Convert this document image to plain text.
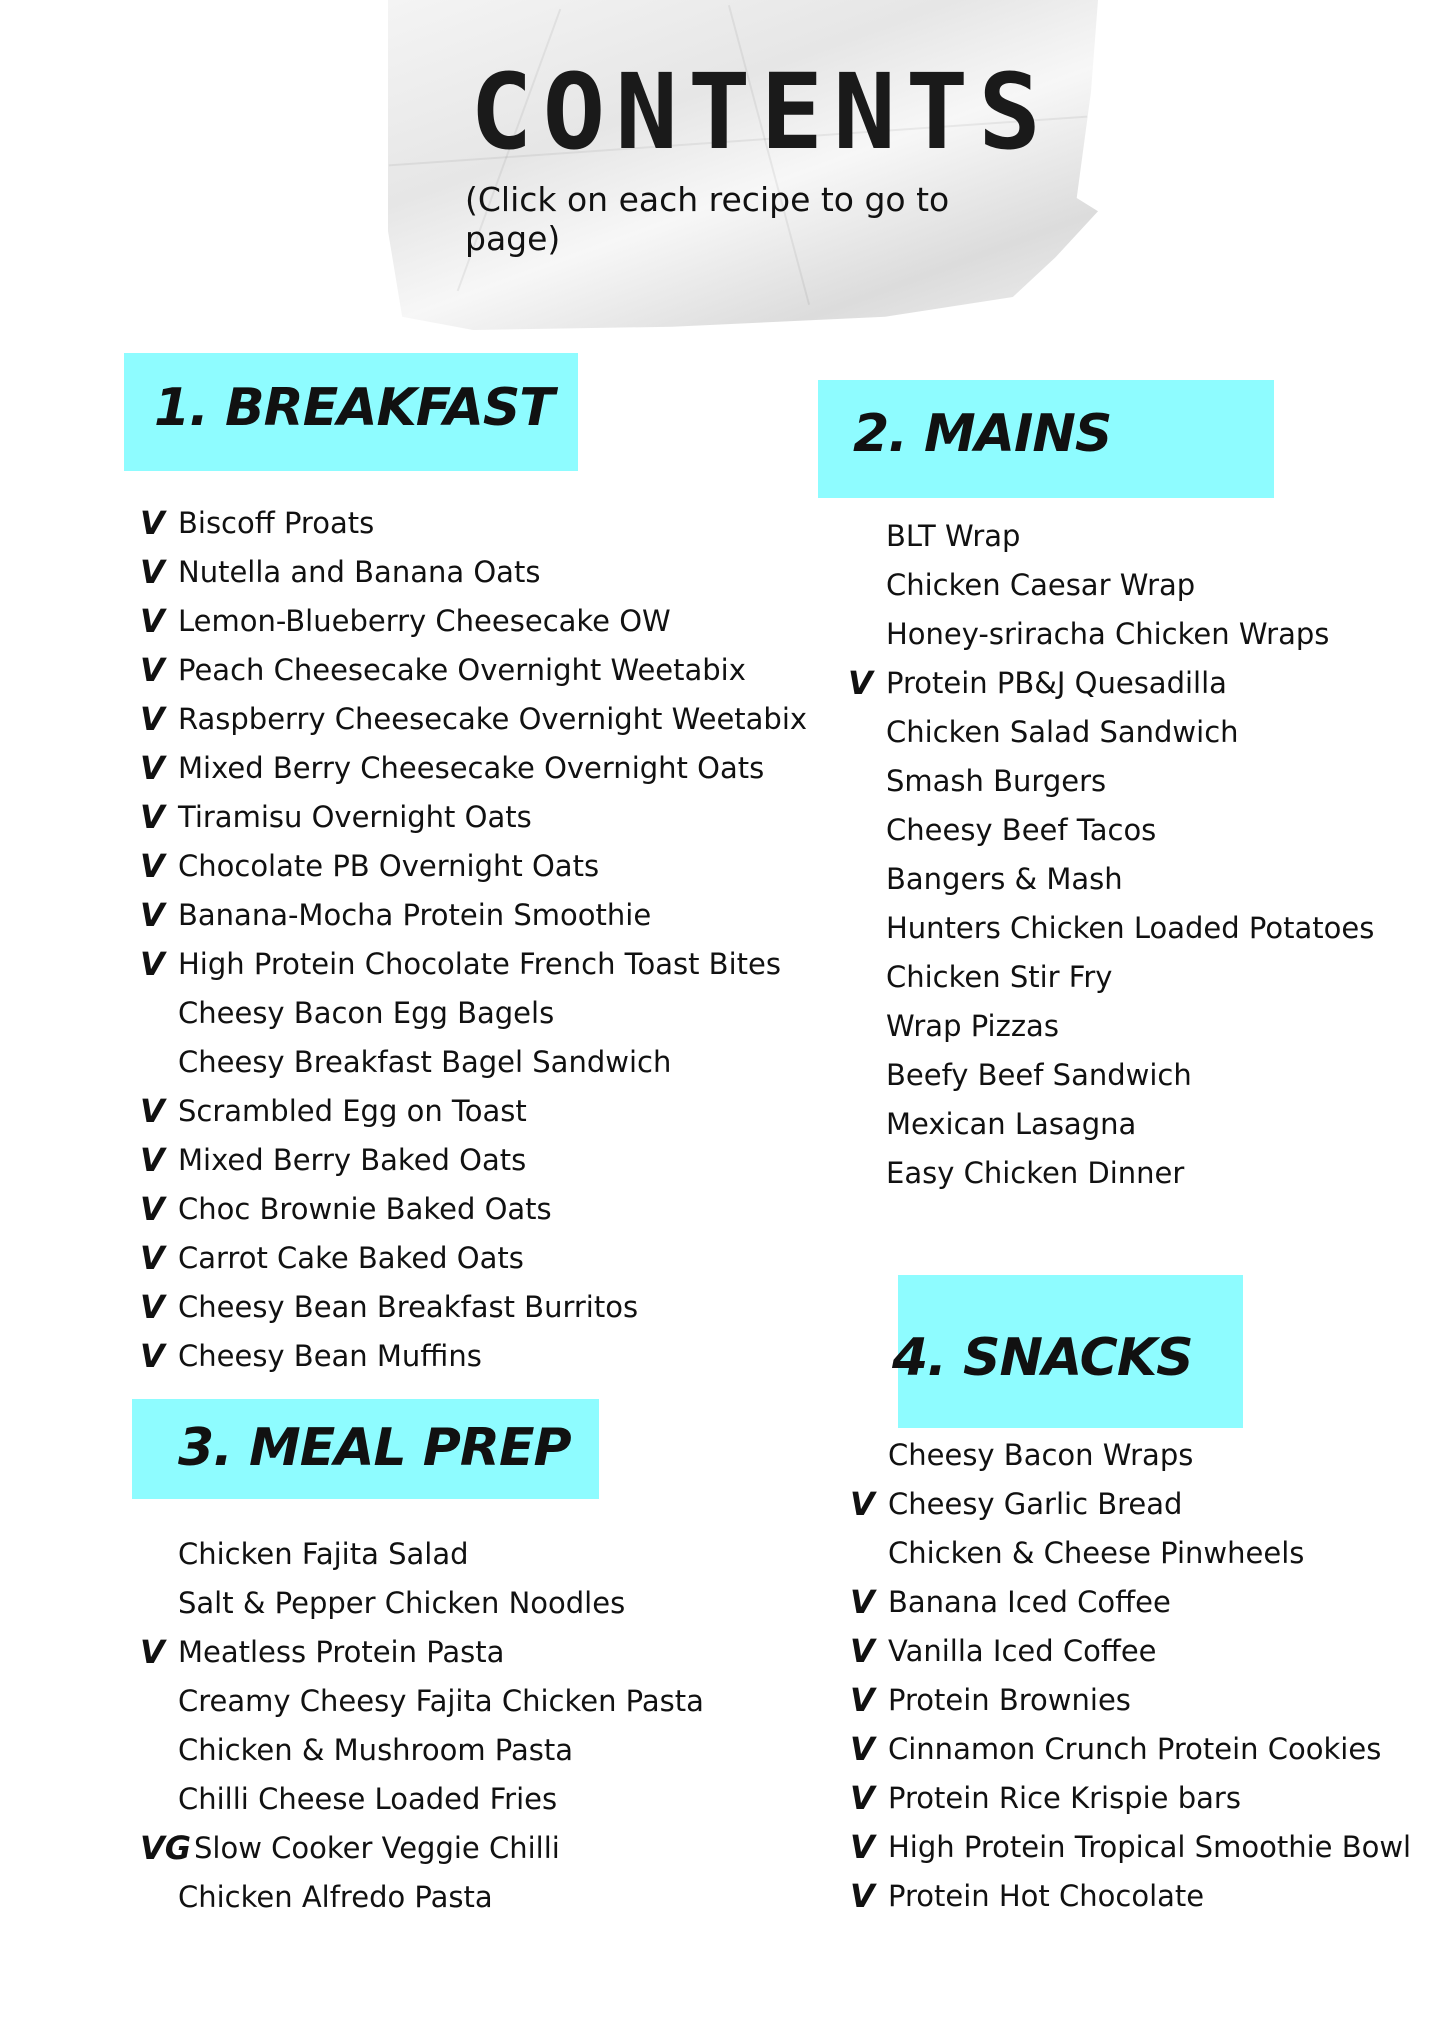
CONTENTS
(Click on each recipe to go to page)
1. BREAKFAST
V Biscoff Proats
V Nutella and Banana Oats
V Lemon-Blueberry Cheesecake OW
V Peach Cheesecake Overnight Weetabix
V Raspberry Cheesecake Overnight Weetabix
V Mixed Berry Cheesecake Overnight Oats
V Tiramisu Overnight Oats
V Chocolate PB Overnight Oats
V Banana-Mocha Protein Smoothie
V High Protein Chocolate French Toast Bites
Cheesy Bacon Egg Bagels
Cheesy Breakfast Bagel Sandwich
V Scrambled Egg on Toast
V Mixed Berry Baked Oats
V Choc Brownie Baked Oats
V Carrot Cake Baked Oats
V Cheesy Bean Breakfast Burritos
V Cheesy Bean Muffins
2. MAINS
BLT Wrap
Chicken Caesar Wrap
Honey-sriracha Chicken Wraps
V Protein PB&J Quesadilla
Chicken Salad Sandwich
Smash Burgers
Cheesy Beef Tacos
Bangers & Mash
Hunters Chicken Loaded Potatoes
Chicken Stir Fry
Wrap Pizzas
Beefy Beef Sandwich
Mexican Lasagna
Easy Chicken Dinner
3. MEAL PREP
Chicken Fajita Salad
Salt & Pepper Chicken Noodles
V Meatless Protein Pasta
Creamy Cheesy Fajita Chicken Pasta
Chicken & Mushroom Pasta
Chilli Cheese Loaded Fries
VG Slow Cooker Veggie Chilli
Chicken Alfredo Pasta
4. SNACKS
Cheesy Bacon Wraps
V Cheesy Garlic Bread
Chicken & Cheese Pinwheels
V Banana Iced Coffee
V Vanilla Iced Coffee
V Protein Brownies
V Cinnamon Crunch Protein Cookies
V Protein Rice Krispie bars
V High Protein Tropical Smoothie Bowl
V Protein Hot Chocolate
